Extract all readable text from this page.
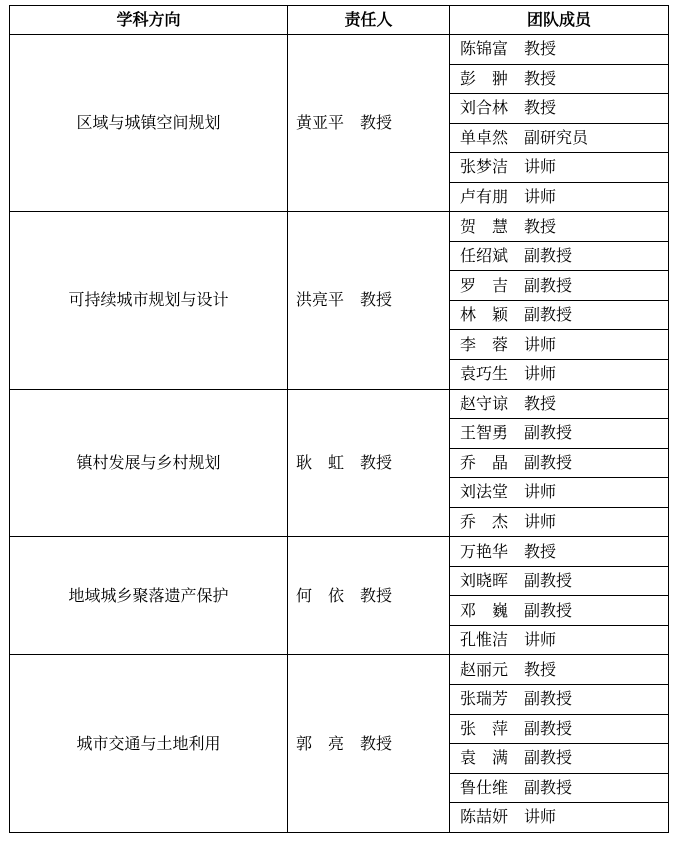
学科方向	责任人	团队成员
区域与城镇空间规划	黄亚平　教授	陈锦富　教授
		彭　翀　教授
		刘合林　教授
		单卓然　副研究员
		张梦洁　讲师
		卢有朋　讲师
可持续城市规划与设计	洪亮平　教授	贺　慧　教授
		任绍斌　副教授
		罗　吉　副教授
		林　颖　副教授
		李　蓉　讲师
		袁巧生　讲师
镇村发展与乡村规划	耿　虹　教授	赵守谅　教授
		王智勇　副教授
		乔　晶　副教授
		刘法堂　讲师
		乔　杰　讲师
地域城乡聚落遗产保护	何　依　教授	万艳华　教授
		刘晓晖　副教授
		邓　巍　副教授
		孔惟洁　讲师
城市交通与土地利用	郭　亮　教授	赵丽元　教授
		张瑞芳　副教授
		张　萍　副教授
		袁　满　副教授
		鲁仕维　副教授
		陈喆妍　讲师
